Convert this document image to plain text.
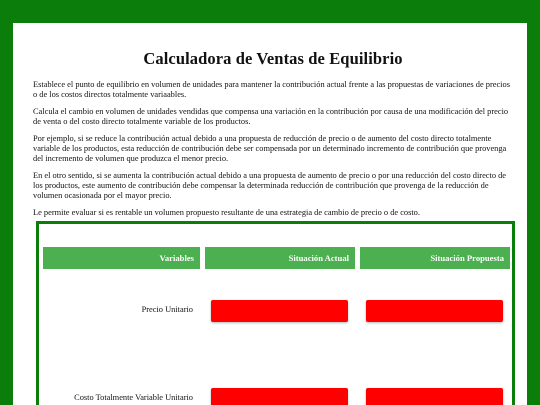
Calculadora de Ventas de Equilibrio

Establece el punto de equilibrio en volumen de unidades para mantener la contribución actual frente a las propuestas de variaciones de precios o de los costos directos totalmente variaables.

Calcula el cambio en volumen de unidades vendidas que compensa una variación en la contribución por causa de una modificación del precio de venta o del costo directo totalmente variable de los productos.

Por ejemplo, si se reduce la contribución actual debido a una propuesta de reducción de precio o de aumento del costo directo totalmente variable de los productos, esta reducción de contribución debe ser compensada por un determinado incremento de contribución que provenga del incremento de volumen que produzca el menor precio.

En el otro sentido, si se aumenta la contribución actual debido a una propuesta de aumento de precio o por una reducción del costo directo de los productos, este aumento de contribución debe compensar la determinada reducción de contribución que provenga de la reducción de volumen ocasionada por el mayor precio.

Le permite evaluar si es rentable un volumen propuesto resultante de una estrategia de cambio de precio o de costo.

Variables	Situación Actual	Situación Propuesta
Precio Unitario
Costo Totalmente Variable Unitario
